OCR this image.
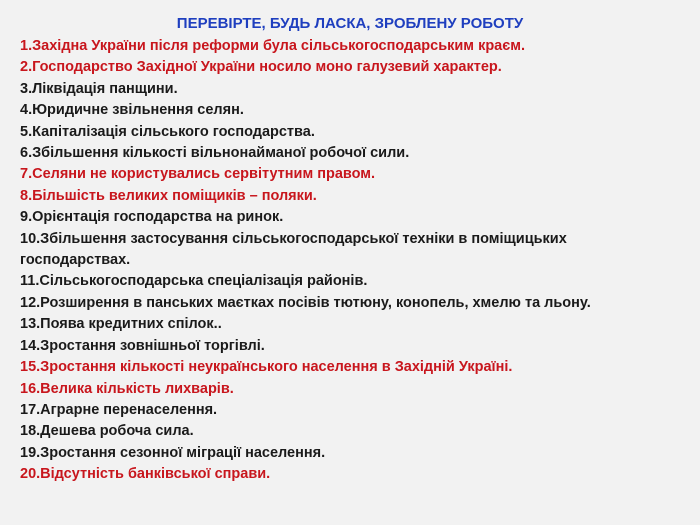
ПЕРЕВІРТЕ, БУДЬ ЛАСКА, ЗРОБЛЕНУ РОБОТУ
1.Західна України після реформи була сільськогосподарським краєм.
2.Господарство Західної України носило моно галузевий характер.
3.Ліквідація панщини.
4.Юридичне звільнення селян.
5.Капіталізація сільського господарства.
6.Збільшення кількості вільнонайманої робочої сили.
7.Селяни не користувались сервітутним правом.
8.Більшість великих поміщиків – поляки.
9.Орієнтація господарства на ринок.
10.Збільшення застосування сільськогосподарської техніки в поміщицьких господарствах.
11.Сільськогосподарська спеціалізація районів.
12.Розширення в панських маєтках посівів тютюну, конопель, хмелю та льону.
13.Поява кредитних спілок..
14.Зростання зовнішньої торгівлі.
15.Зростання кількості неукраїнського населення в Західній Україні.
16.Велика кількість лихварів.
17.Аграрне перенаселення.
18.Дешева робоча сила.
19.Зростання сезонної міграції населення.
20.Відсутність банківської справи.
